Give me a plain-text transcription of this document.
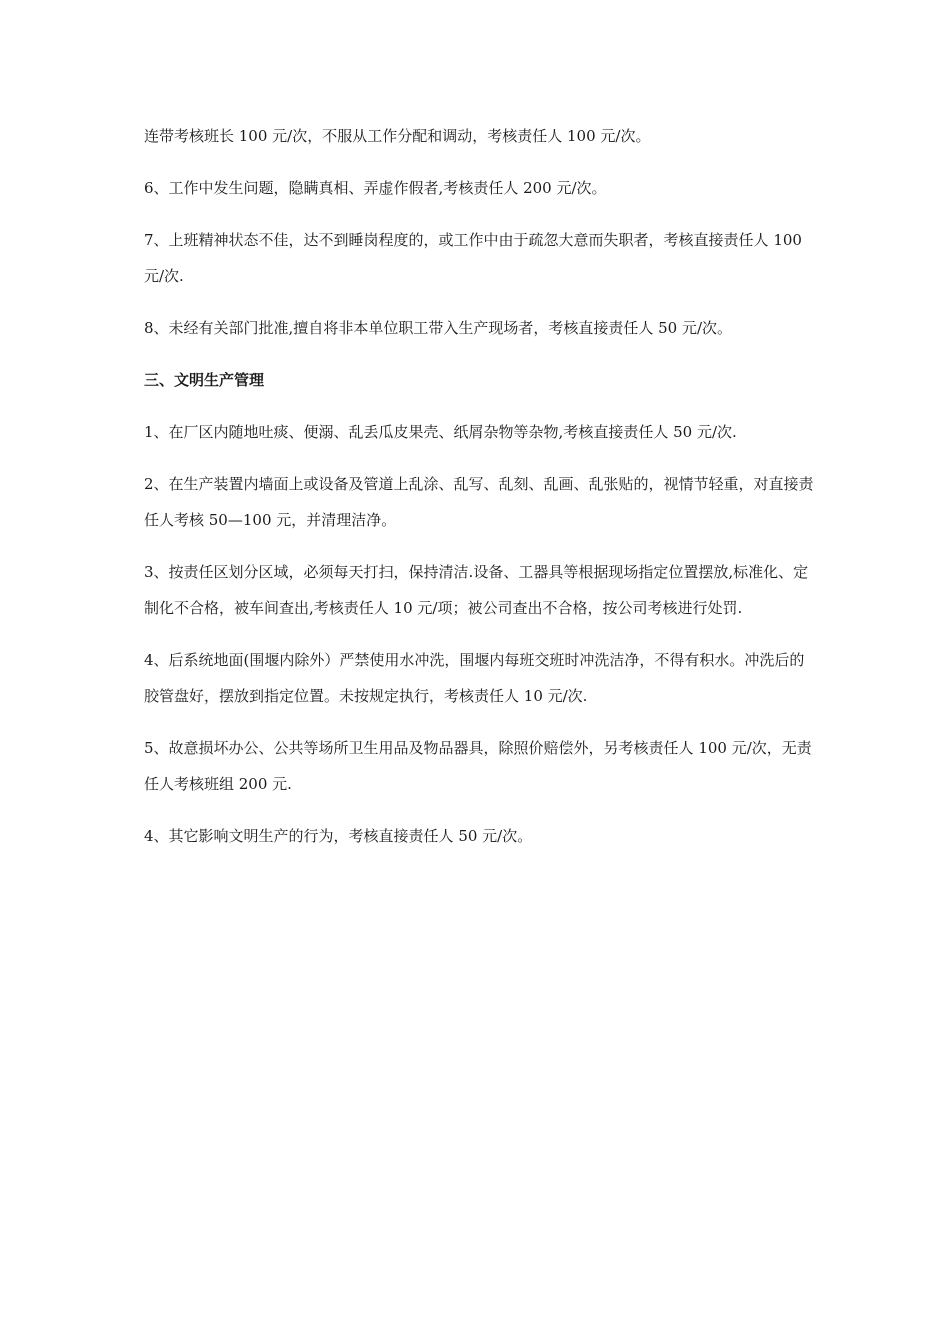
连带考核班长 100 元/次，不服从工作分配和调动，考核责任人 100 元/次。

6、工作中发生问题，隐瞒真相、弄虚作假者,考核责任人 200 元/次。

7、上班精神状态不佳，达不到睡岗程度的，或工作中由于疏忽大意而失职者，考核直接责任人 100 元/次.

8、未经有关部门批准,擅自将非本单位职工带入生产现场者，考核直接责任人 50 元/次。

三、文明生产管理

1、在厂区内随地吐痰、便溺、乱丢瓜皮果壳、纸屑杂物等杂物,考核直接责任人 50 元/次.

2、在生产装置内墙面上或设备及管道上乱涂、乱写、乱刻、乱画、乱张贴的，视情节轻重，对直接责任人考核 50—100 元，并清理洁净。

3、按责任区划分区域，必须每天打扫，保持清洁.设备、工器具等根据现场指定位置摆放,标准化、定制化不合格，被车间查出,考核责任人 10 元/项；被公司查出不合格，按公司考核进行处罚.

4、后系统地面(围堰内除外）严禁使用水冲洗，围堰内每班交班时冲洗洁净，不得有积水。冲洗后的胶管盘好，摆放到指定位置。未按规定执行，考核责任人 10 元/次.

5、故意损坏办公、公共等场所卫生用品及物品器具，除照价赔偿外，另考核责任人 100 元/次，无责任人考核班组 200 元.

4、其它影响文明生产的行为，考核直接责任人 50 元/次。
